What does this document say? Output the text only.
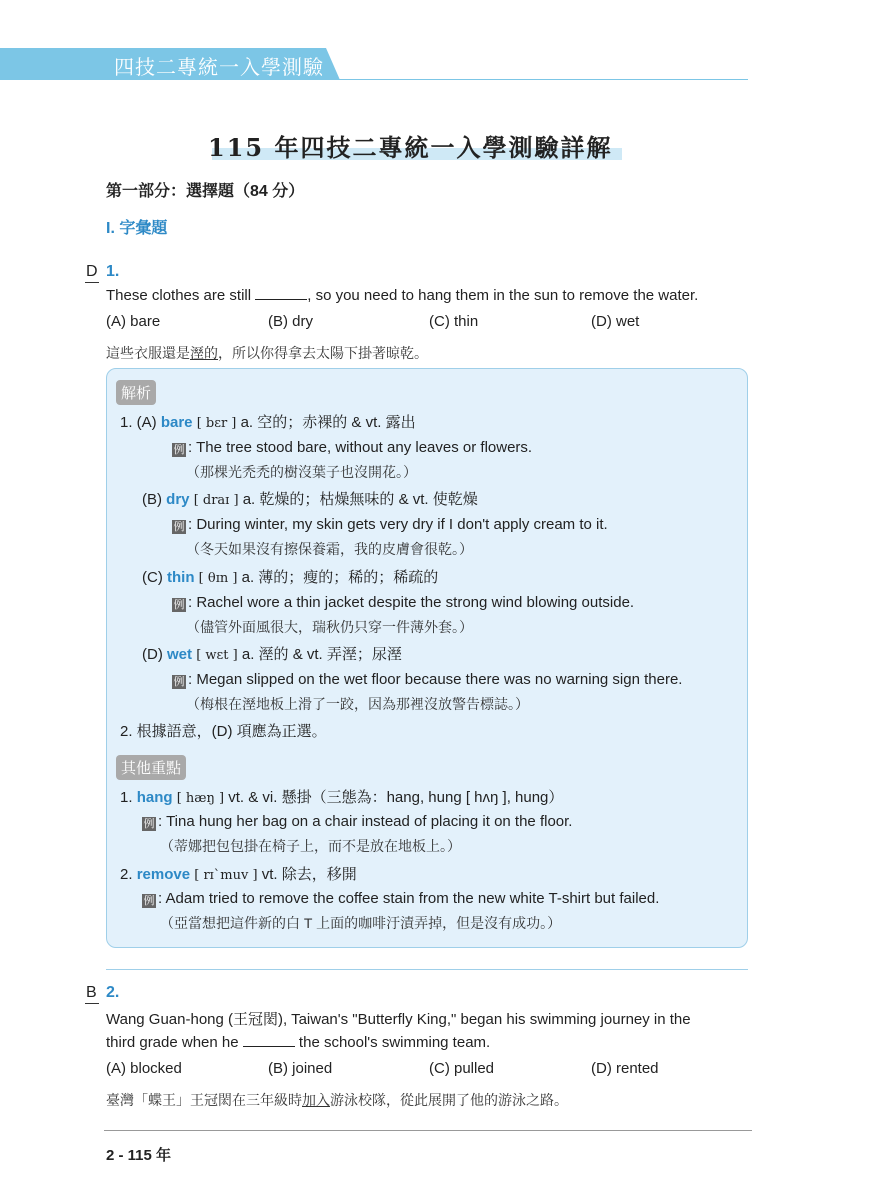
四技二專統一入學測驗
115 年四技二專統一入學測驗詳解
第一部分：選擇題（84 分）
I. 字彙題
D 1.
These clothes are still	, so you need to hang them in the sun to remove the water.
(A) bare	(B) dry	(C) thin	(D) wet
這些衣服還是溼的，所以你得拿去太陽下掛著晾乾。
解析
1. (A) bare [ bɛr ] a. 空的；赤裸的 & vt. 露出
例 : The tree stood bare, without any leaves or flowers.
（那棵光禿禿的樹沒葉子也沒開花。）
(B) dry [ draɪ ] a. 乾燥的；枯燥無味的 & vt. 使乾燥
例 : During winter, my skin gets very dry if I don't apply cream to it.
（冬天如果沒有擦保養霜，我的皮膚會很乾。）
(C) thin [ θɪn ] a. 薄的；瘦的；稀的；稀疏的
例 : Rachel wore a thin jacket despite the strong wind blowing outside.
（儘管外面風很大，瑞秋仍只穿一件薄外套。）
(D) wet [ wɛt ] a. 溼的 & vt. 弄溼；尿溼
例 : Megan slipped on the wet floor because there was no warning sign there.
（梅根在溼地板上滑了一跤，因為那裡沒放警告標誌。）
2. 根據語意，(D) 項應為正選。
其他重點
1. hang [ hæŋ ] vt. & vi. 懸掛（三態為：hang, hung [ hʌŋ ], hung）
例 : Tina hung her bag on a chair instead of placing it on the floor.
（蒂娜把包包掛在椅子上，而不是放在地板上。）
2. remove [ rɪˋmuv ] vt. 除去，移開
例 : Adam tried to remove the coffee stain from the new white T-shirt but failed.
（亞當想把這件新的白 T 上面的咖啡汙漬弄掉，但是沒有成功。）
B 2.
Wang Guan-hong (王冠閎), Taiwan's "Butterfly King," began his swimming journey in the
third grade when he	the school's swimming team.
(A) blocked	(B) joined	(C) pulled	(D) rented
臺灣「蝶王」王冠閎在三年級時加入游泳校隊，從此展開了他的游泳之路。
2 - 115 年
